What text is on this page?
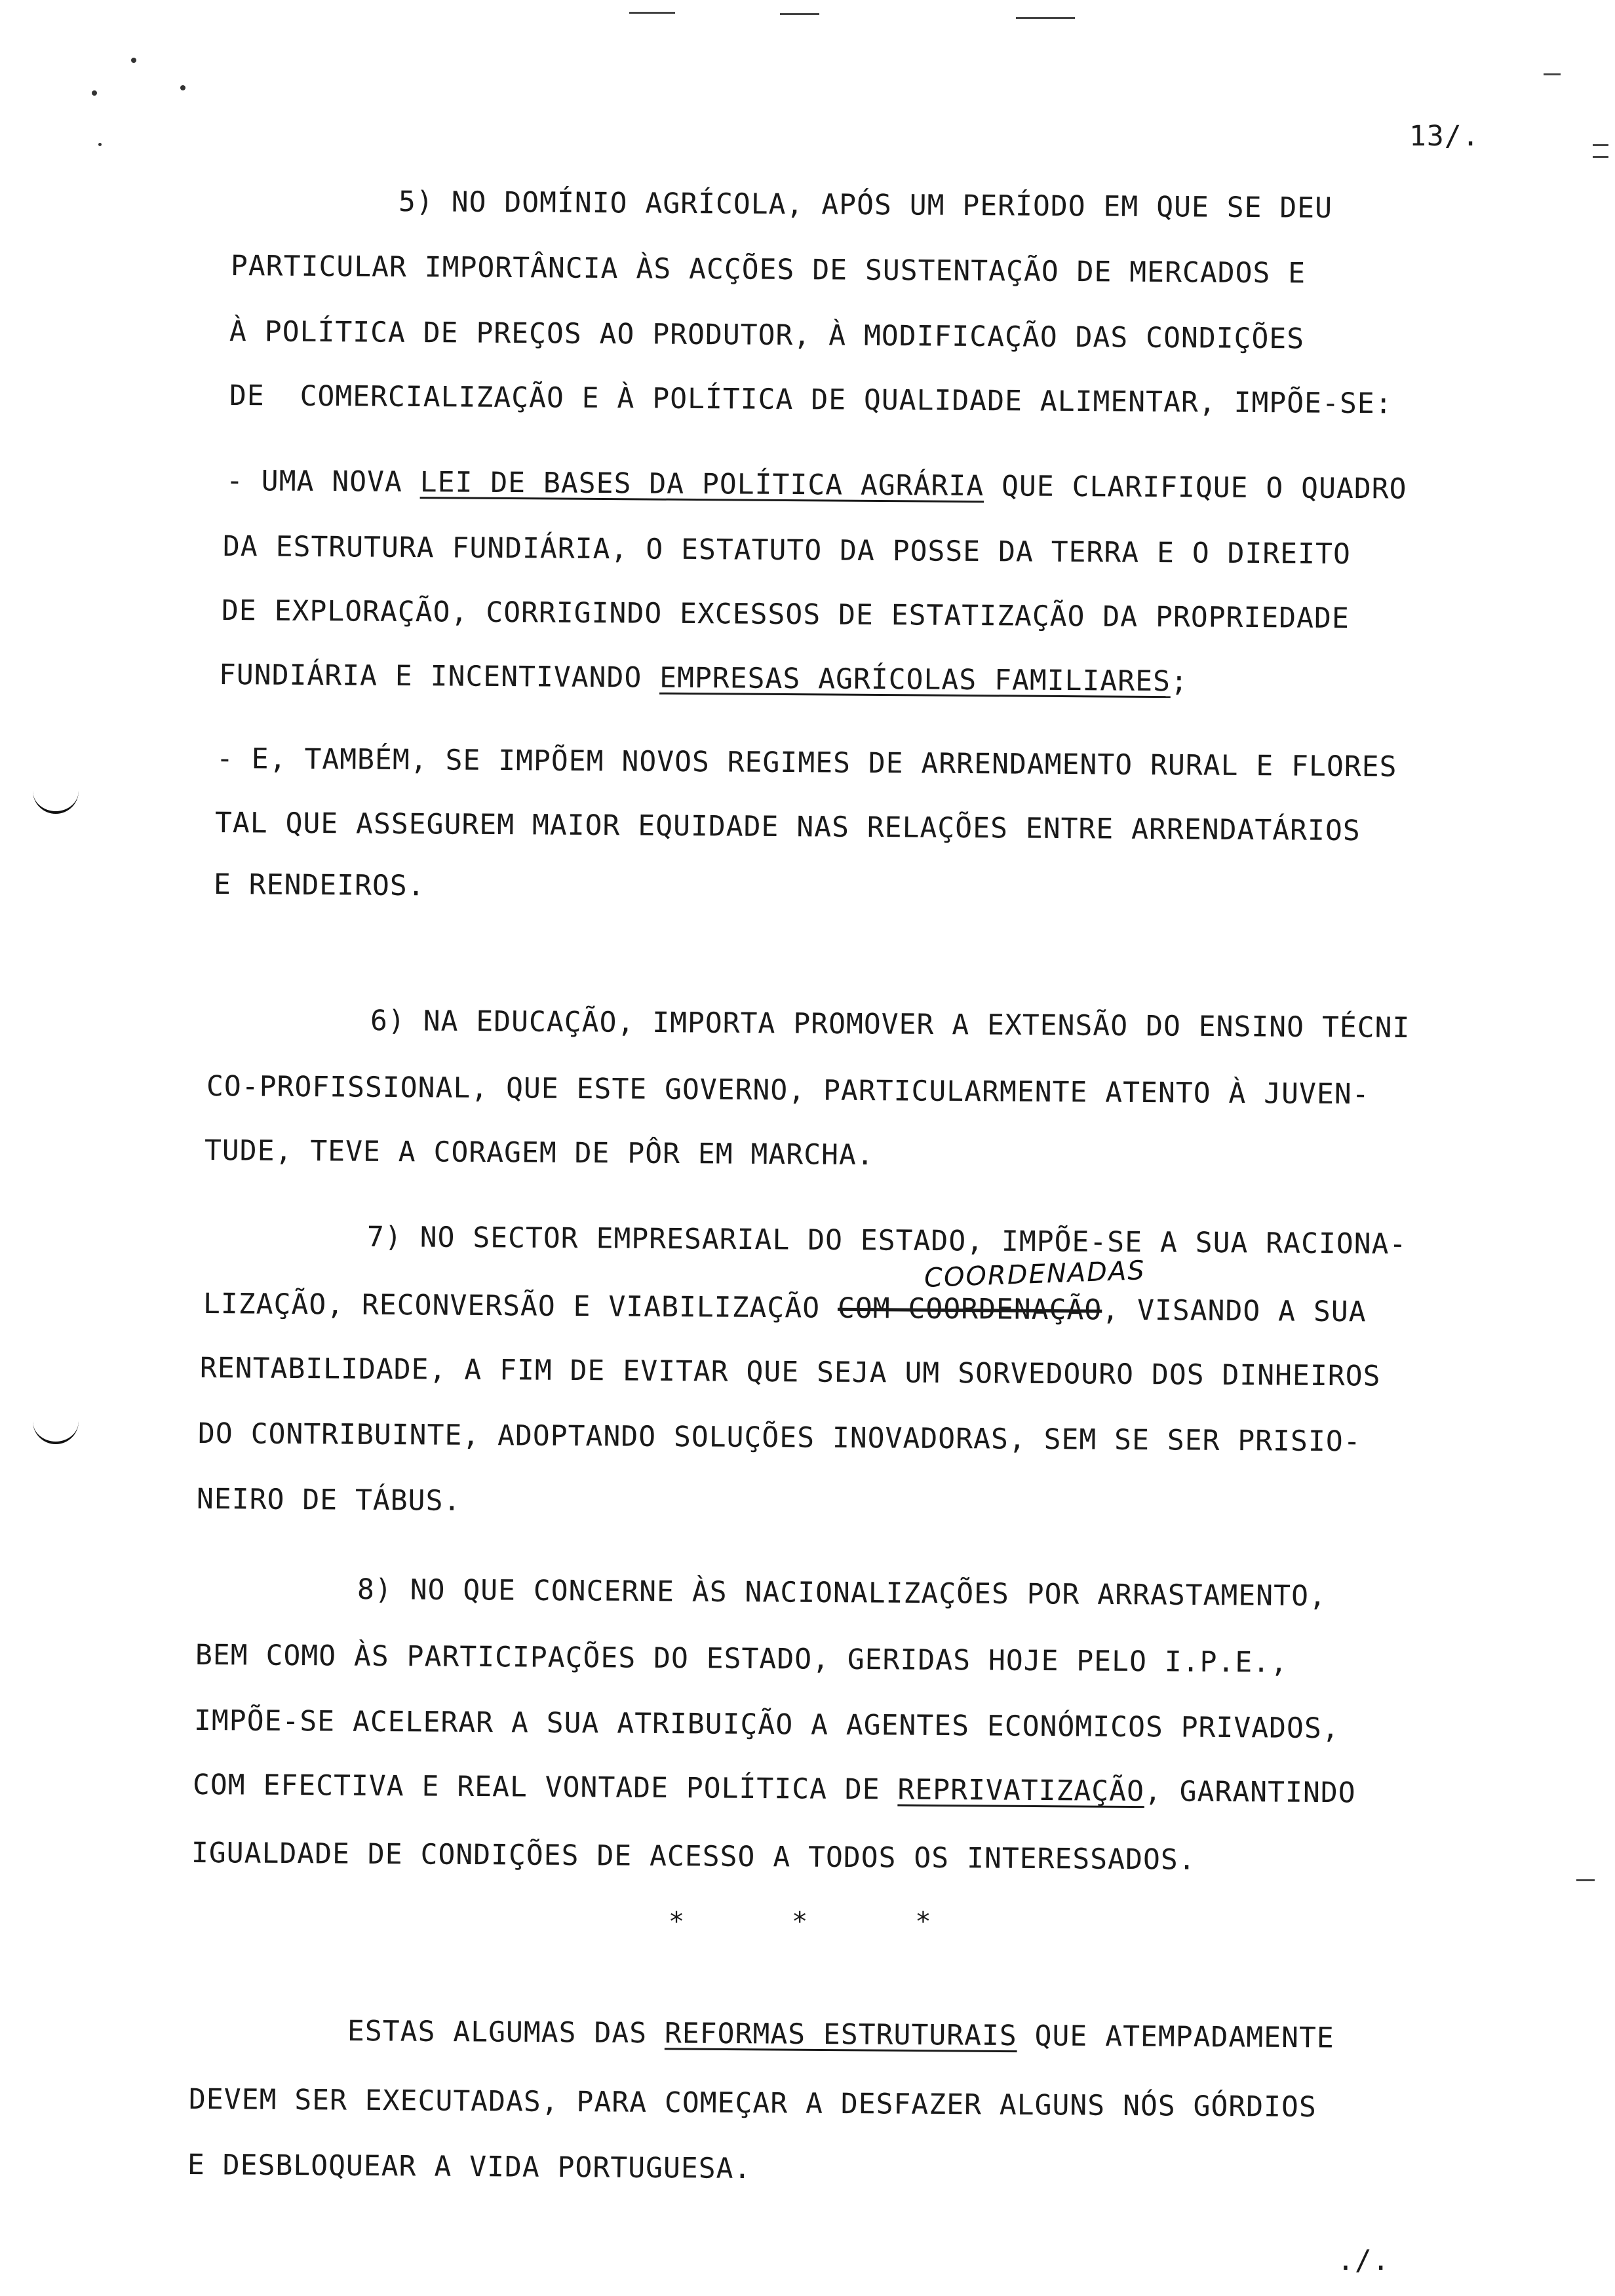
13/.
5) NO DOMÍNIO AGRÍCOLA, APÓS UM PERÍODO EM QUE SE DEU
PARTICULAR IMPORTÂNCIA ÀS ACÇÕES DE SUSTENTAÇÃO DE MERCADOS E
À POLÍTICA DE PREÇOS AO PRODUTOR, À MODIFICAÇÃO DAS CONDIÇÕES
DE  COMERCIALIZAÇÃO E À POLÍTICA DE QUALIDADE ALIMENTAR, IMPÕE-SE:
- UMA NOVA LEI DE BASES DA POLÍTICA AGRÁRIA QUE CLARIFIQUE O QUADRO
DA ESTRUTURA FUNDIÁRIA, O ESTATUTO DA POSSE DA TERRA E O DIREITO
DE EXPLORAÇÃO, CORRIGINDO EXCESSOS DE ESTATIZAÇÃO DA PROPRIEDADE
FUNDIÁRIA E INCENTIVANDO EMPRESAS AGRÍCOLAS FAMILIARES;
- E, TAMBÉM, SE IMPÕEM NOVOS REGIMES DE ARRENDAMENTO RURAL E FLORES
TAL QUE ASSEGUREM MAIOR EQUIDADE NAS RELAÇÕES ENTRE ARRENDATÁRIOS
E RENDEIROS.
6) NA EDUCAÇÃO, IMPORTA PROMOVER A EXTENSÃO DO ENSINO TÉCNI
CO-PROFISSIONAL, QUE ESTE GOVERNO, PARTICULARMENTE ATENTO À JUVEN-
TUDE, TEVE A CORAGEM DE PÔR EM MARCHA.
7) NO SECTOR EMPRESARIAL DO ESTADO, IMPÕE-SE A SUA RACIONA-
COORDENADAS
LIZAÇÃO, RECONVERSÃO E VIABILIZAÇÃO COM COORDENAÇÃO, VISANDO A SUA
RENTABILIDADE, A FIM DE EVITAR QUE SEJA UM SORVEDOURO DOS DINHEIROS
DO CONTRIBUINTE, ADOPTANDO SOLUÇÕES INOVADORAS, SEM SE SER PRISIO-
NEIRO DE TÁBUS.
8) NO QUE CONCERNE ÀS NACIONALIZAÇÕES POR ARRASTAMENTO,
BEM COMO ÀS PARTICIPAÇÕES DO ESTADO, GERIDAS HOJE PELO I.P.E.,
IMPÕE-SE ACELERAR A SUA ATRIBUIÇÃO A AGENTES ECONÓMICOS PRIVADOS,
COM EFECTIVA E REAL VONTADE POLÍTICA DE REPRIVATIZAÇÃO, GARANTINDO
IGUALDADE DE CONDIÇÕES DE ACESSO A TODOS OS INTERESSADOS.
* * *
ESTAS ALGUMAS DAS REFORMAS ESTRUTURAIS QUE ATEMPADAMENTE
DEVEM SER EXECUTADAS, PARA COMEÇAR A DESFAZER ALGUNS NÓS GÓRDIOS
E DESBLOQUEAR A VIDA PORTUGUESA.
./.
